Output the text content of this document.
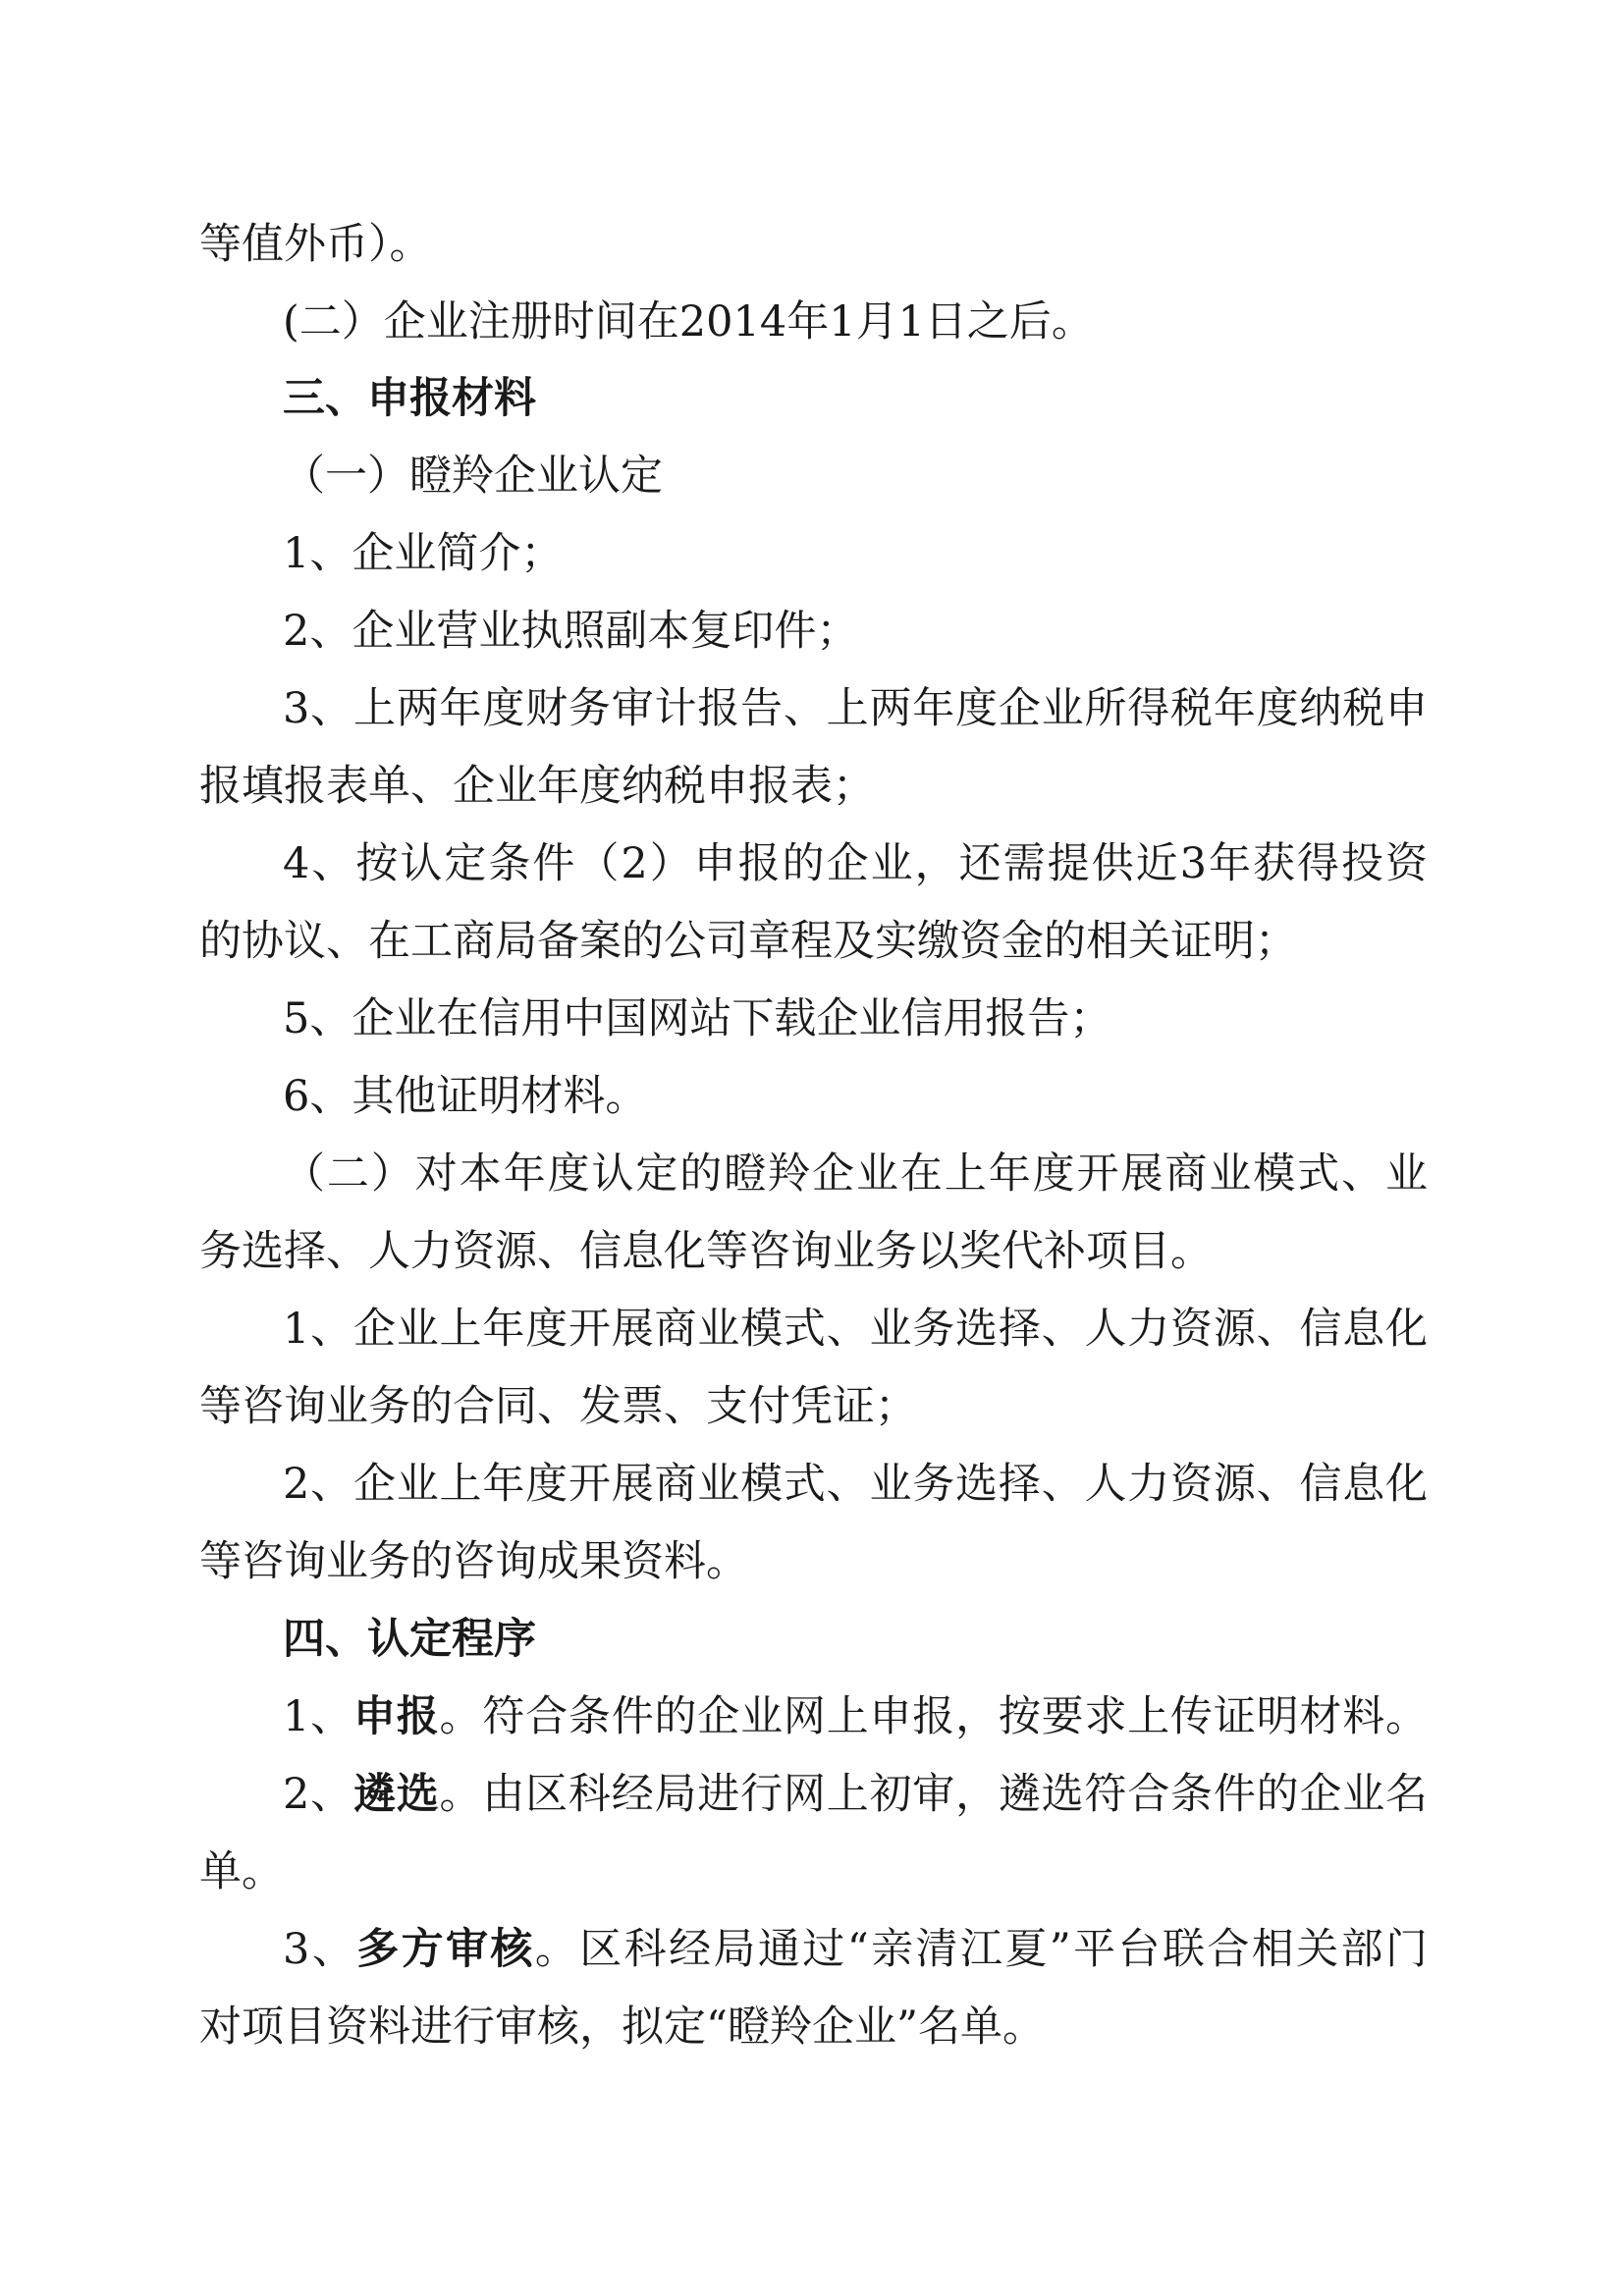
等值外币）。
(二）企业注册时间在2014年1月1日之后。
三、申报材料
（一）瞪羚企业认定
1、企业简介；
2、企业营业执照副本复印件；
3、上两年度财务审计报告、上两年度企业所得税年度纳税申
报填报表单、企业年度纳税申报表；
4、按认定条件（2）申报的企业，还需提供近3年获得投资
的协议、在工商局备案的公司章程及实缴资金的相关证明；
5、企业在信用中国网站下载企业信用报告；
6、其他证明材料。
（二）对本年度认定的瞪羚企业在上年度开展商业模式、业
务选择、人力资源、信息化等咨询业务以奖代补项目。
1、企业上年度开展商业模式、业务选择、人力资源、信息化
等咨询业务的合同、发票、支付凭证；
2、企业上年度开展商业模式、业务选择、人力资源、信息化
等咨询业务的咨询成果资料。
四、认定程序
1、申报。符合条件的企业网上申报，按要求上传证明材料。
2、遴选。由区科经局进行网上初审，遴选符合条件的企业名
单。
3、多方审核。区科经局通过“亲清江夏”平台联合相关部门
对项目资料进行审核，拟定“瞪羚企业”名单。
